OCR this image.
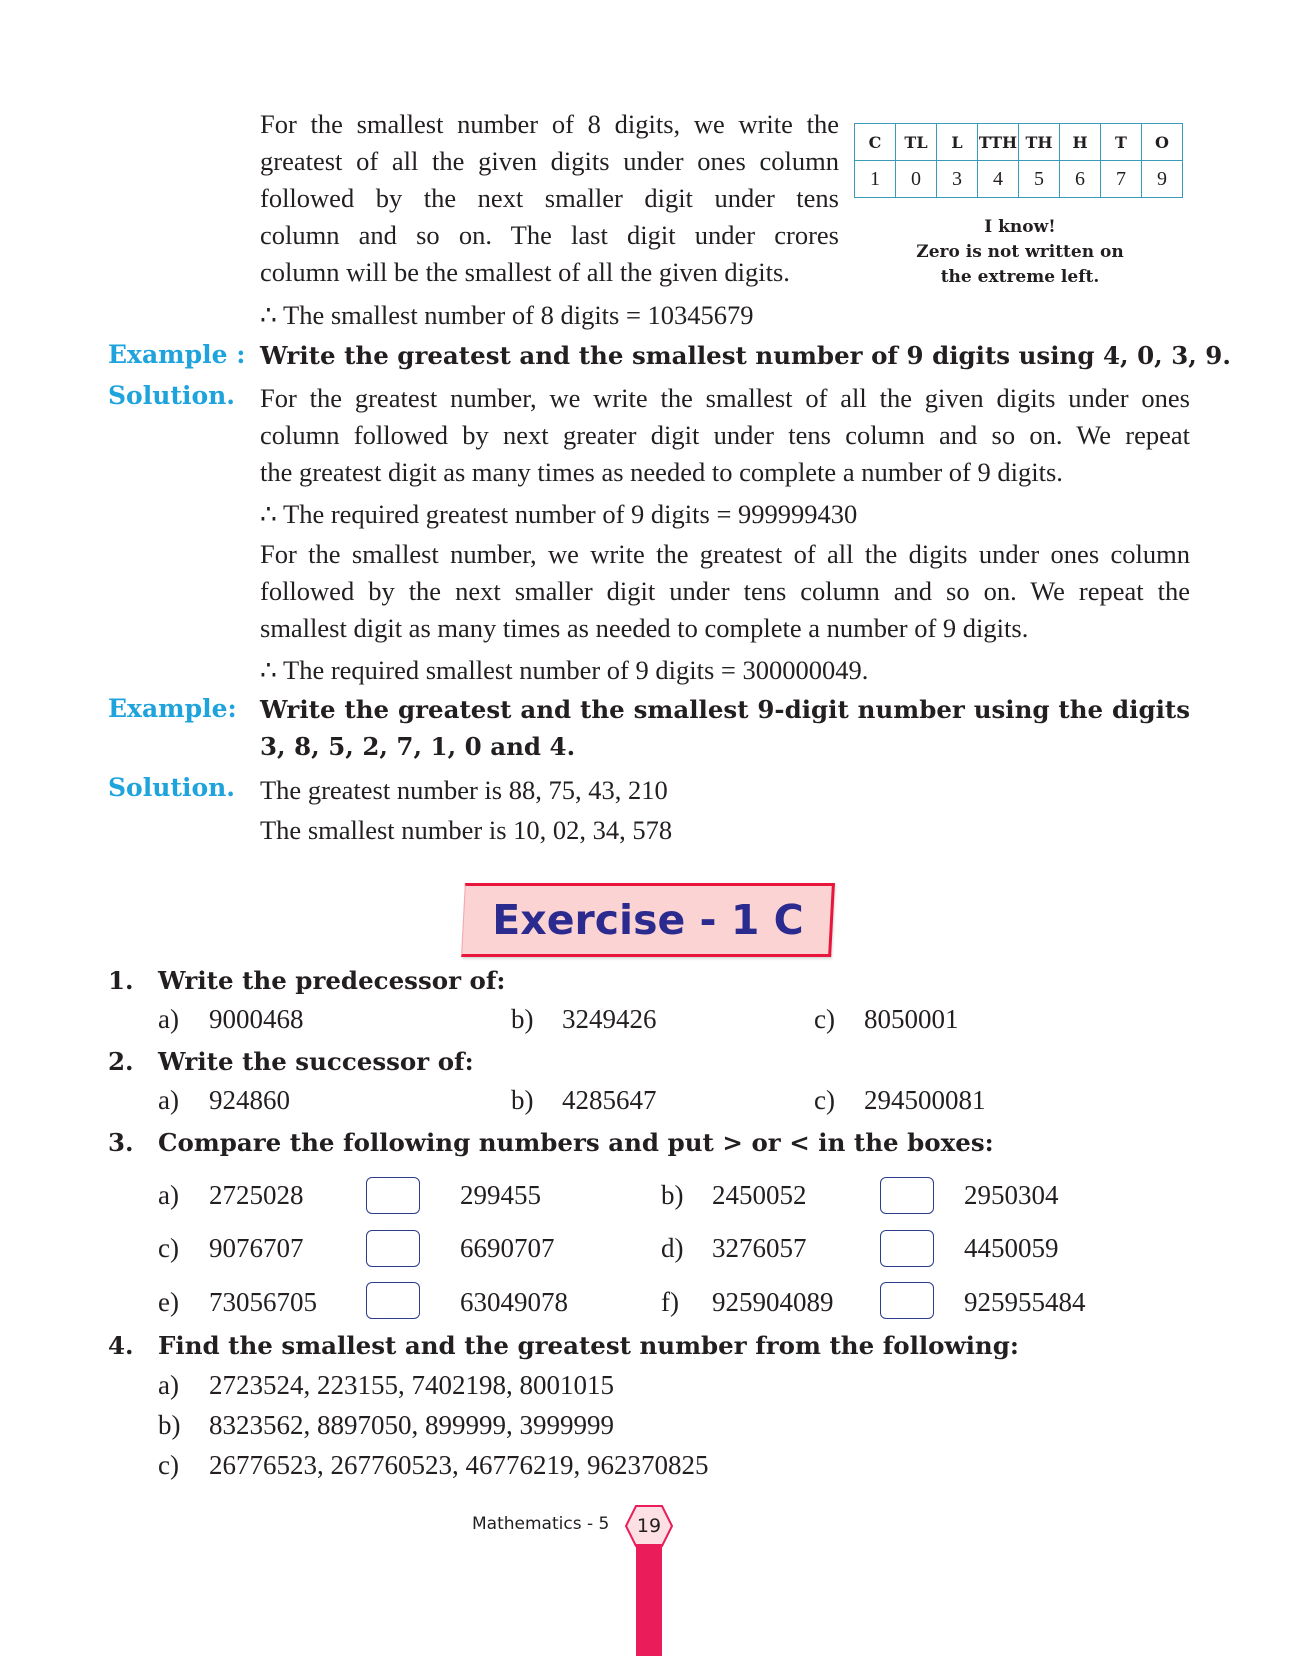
For the smallest number of 8 digits, we write the
greatest of all the given digits under ones column
followed by the next smaller digit under tens
column and so on. The last digit under crores
column will be the smallest of all the given digits.
∴ The smallest number of 8 digits = 10345679
C	TL	L	TTH	TH	H	T	O
1	0	3	4	5	6	7	9
I know!
Zero is not written on
the extreme left.
Example : Write the greatest and the smallest number of 9 digits using 4, 0, 3, 9.
Solution. For the greatest number, we write the smallest of all the given digits under ones
column followed by next greater digit under tens column and so on. We repeat
the greatest digit as many times as needed to complete a number of 9 digits.
∴ The required greatest number of 9 digits = 999999430
For the smallest number, we write the greatest of all the digits under ones column
followed by the next smaller digit under tens column and so on. We repeat the
smallest digit as many times as needed to complete a number of 9 digits.
∴ The required smallest number of 9 digits = 300000049.
Example: Write the greatest and the smallest 9-digit number using the digits
3, 8, 5, 2, 7, 1, 0 and 4.
Solution. The greatest number is 88, 75, 43, 210
The smallest number is 10, 02, 34, 578
Exercise - 1 C
1. Write the predecessor of:
a) 9000468	b) 3249426	c) 8050001
2. Write the successor of:
a) 924860	b) 4285647	c) 294500081
3. Compare the following numbers and put > or < in the boxes:
a) 2725028	299455	b) 2450052	2950304
c) 9076707	6690707	d) 3276057	4450059
e) 73056705	63049078	f) 925904089	925955484
4. Find the smallest and the greatest number from the following:
a) 2723524, 223155, 7402198, 8001015
b) 8323562, 8897050, 899999, 3999999
c) 26776523, 267760523, 46776219, 962370825
Mathematics - 5	19
